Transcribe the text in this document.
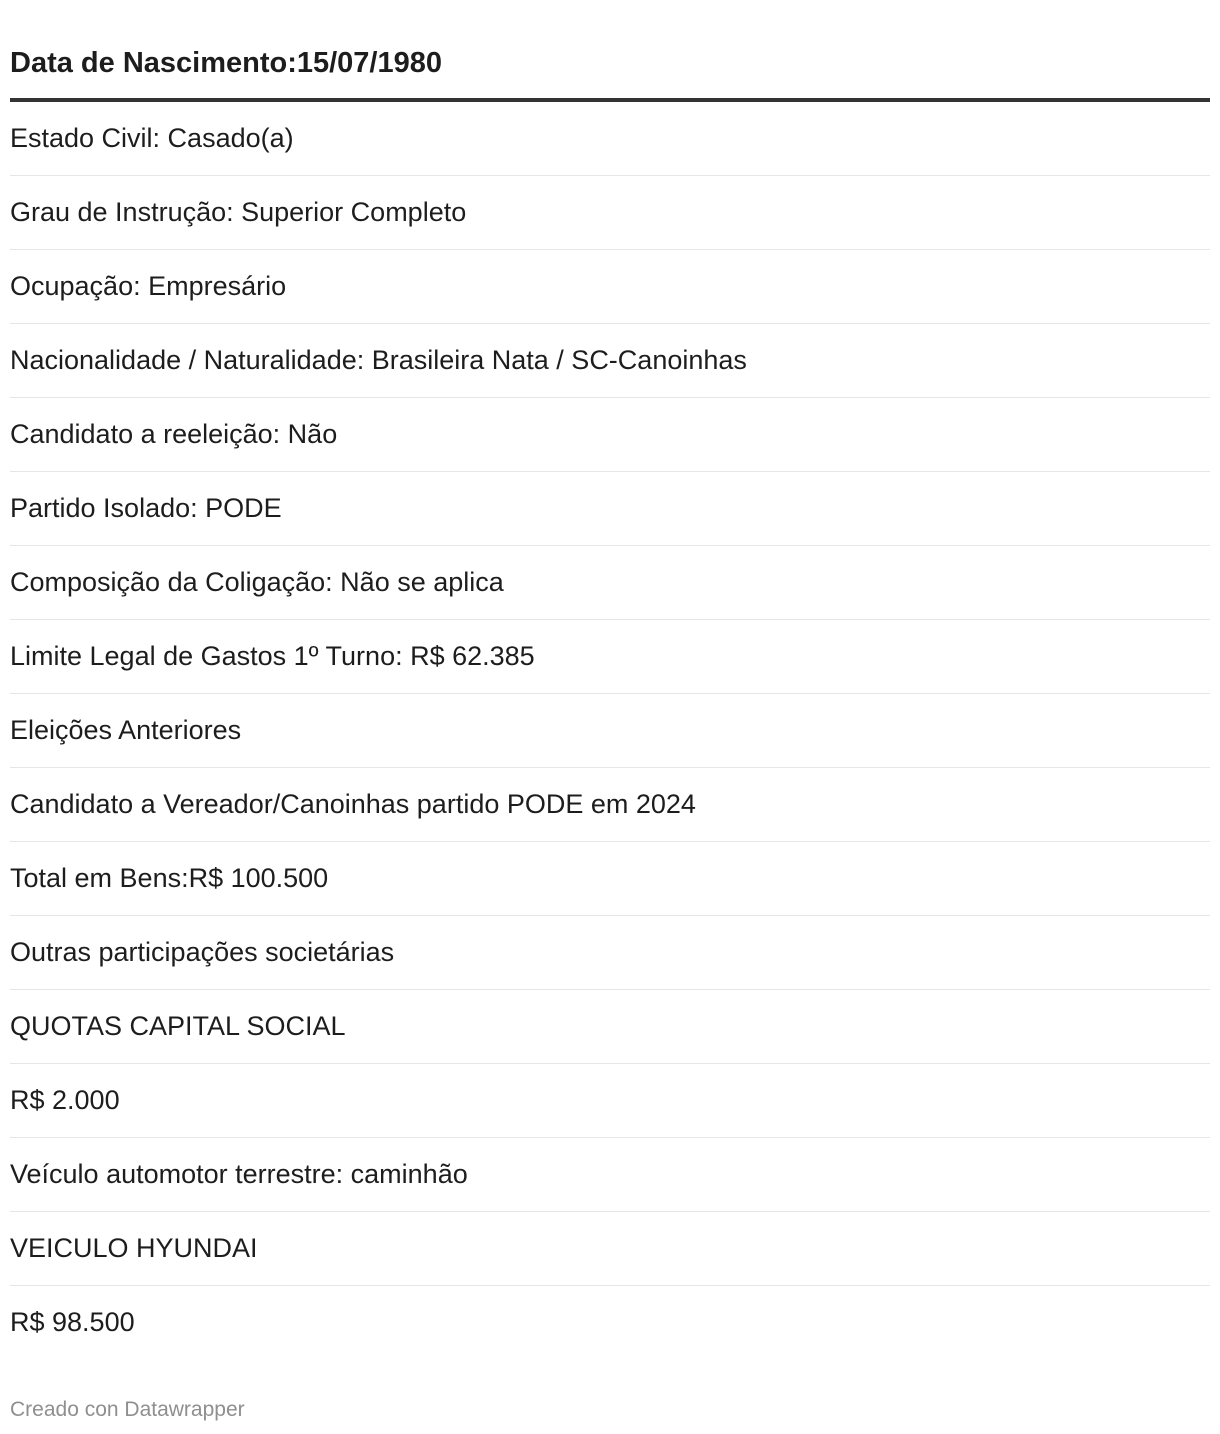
Data de Nascimento:15/07/1980
Estado Civil: Casado(a)
Grau de Instrução: Superior Completo
Ocupação: Empresário
Nacionalidade / Naturalidade: Brasileira Nata / SC-Canoinhas
Candidato a reeleição: Não
Partido Isolado: PODE
Composição da Coligação: Não se aplica
Limite Legal de Gastos 1º Turno: R$ 62.385
Eleições Anteriores
Candidato a Vereador/Canoinhas partido PODE em 2024
Total em Bens:R$ 100.500
Outras participações societárias
QUOTAS CAPITAL SOCIAL
R$ 2.000
Veículo automotor terrestre: caminhão
VEICULO HYUNDAI
R$ 98.500
Creado con Datawrapper
